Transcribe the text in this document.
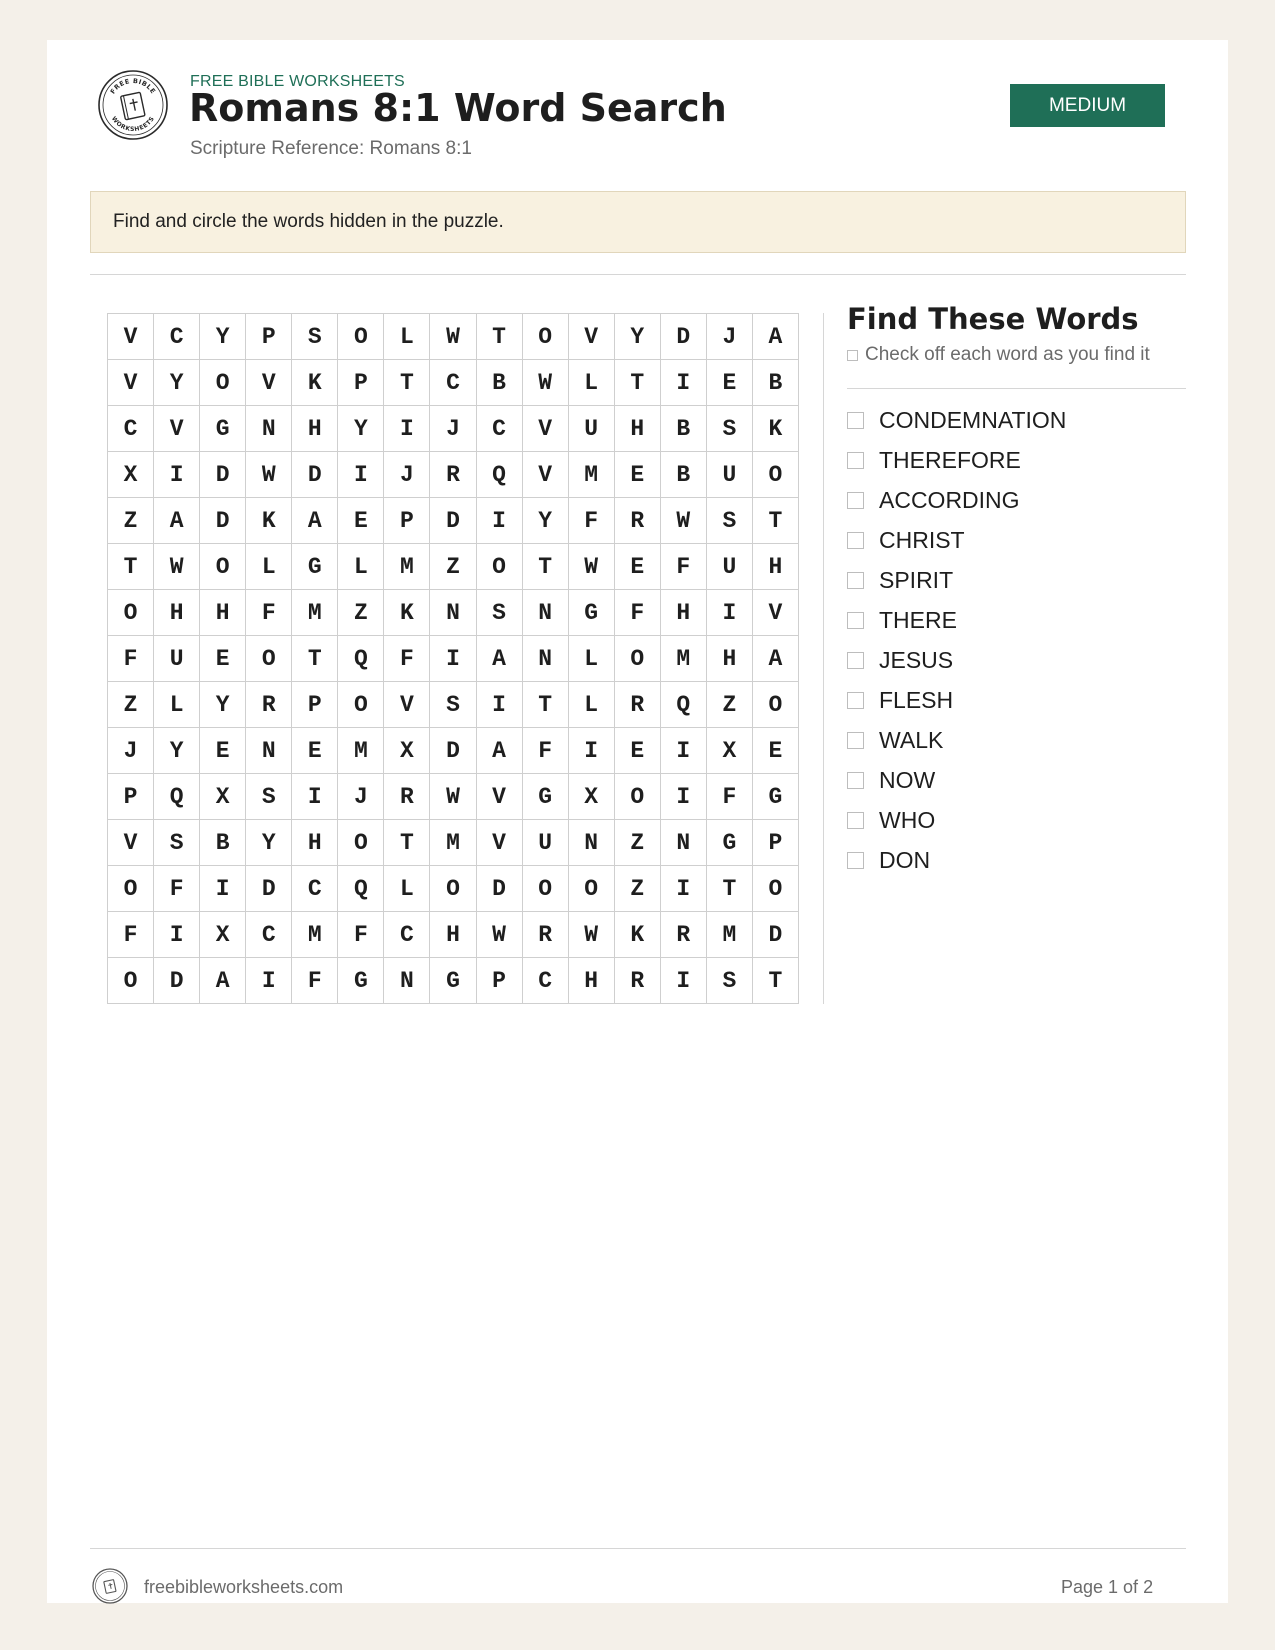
FREE BIBLE
WORKSHEETS
FREE BIBLE WORKSHEETS
Romans 8:1 Word Search
Scripture Reference: Romans 8:1
MEDIUM
Find and circle the words hidden in the puzzle.
V	C	Y	P	S	O	L	W	T	O	V	Y	D	J	A
V	Y	O	V	K	P	T	C	B	W	L	T	I	E	B
C	V	G	N	H	Y	I	J	C	V	U	H	B	S	K
X	I	D	W	D	I	J	R	Q	V	M	E	B	U	O
Z	A	D	K	A	E	P	D	I	Y	F	R	W	S	T
T	W	O	L	G	L	M	Z	O	T	W	E	F	U	H
O	H	H	F	M	Z	K	N	S	N	G	F	H	I	V
F	U	E	O	T	Q	F	I	A	N	L	O	M	H	A
Z	L	Y	R	P	O	V	S	I	T	L	R	Q	Z	O
J	Y	E	N	E	M	X	D	A	F	I	E	I	X	E
P	Q	X	S	I	J	R	W	V	G	X	O	I	F	G
V	S	B	Y	H	O	T	M	V	U	N	Z	N	G	P
O	F	I	D	C	Q	L	O	D	O	O	Z	I	T	O
F	I	X	C	M	F	C	H	W	R	W	K	R	M	D
O	D	A	I	F	G	N	G	P	C	H	R	I	S	T
Find These Words
Check off each word as you find it
CONDEMNATION
THEREFORE
ACCORDING
CHRIST
SPIRIT
THERE
JESUS
FLESH
WALK
NOW
WHO
DON
freebibleworksheets.com	Page 1 of 2
